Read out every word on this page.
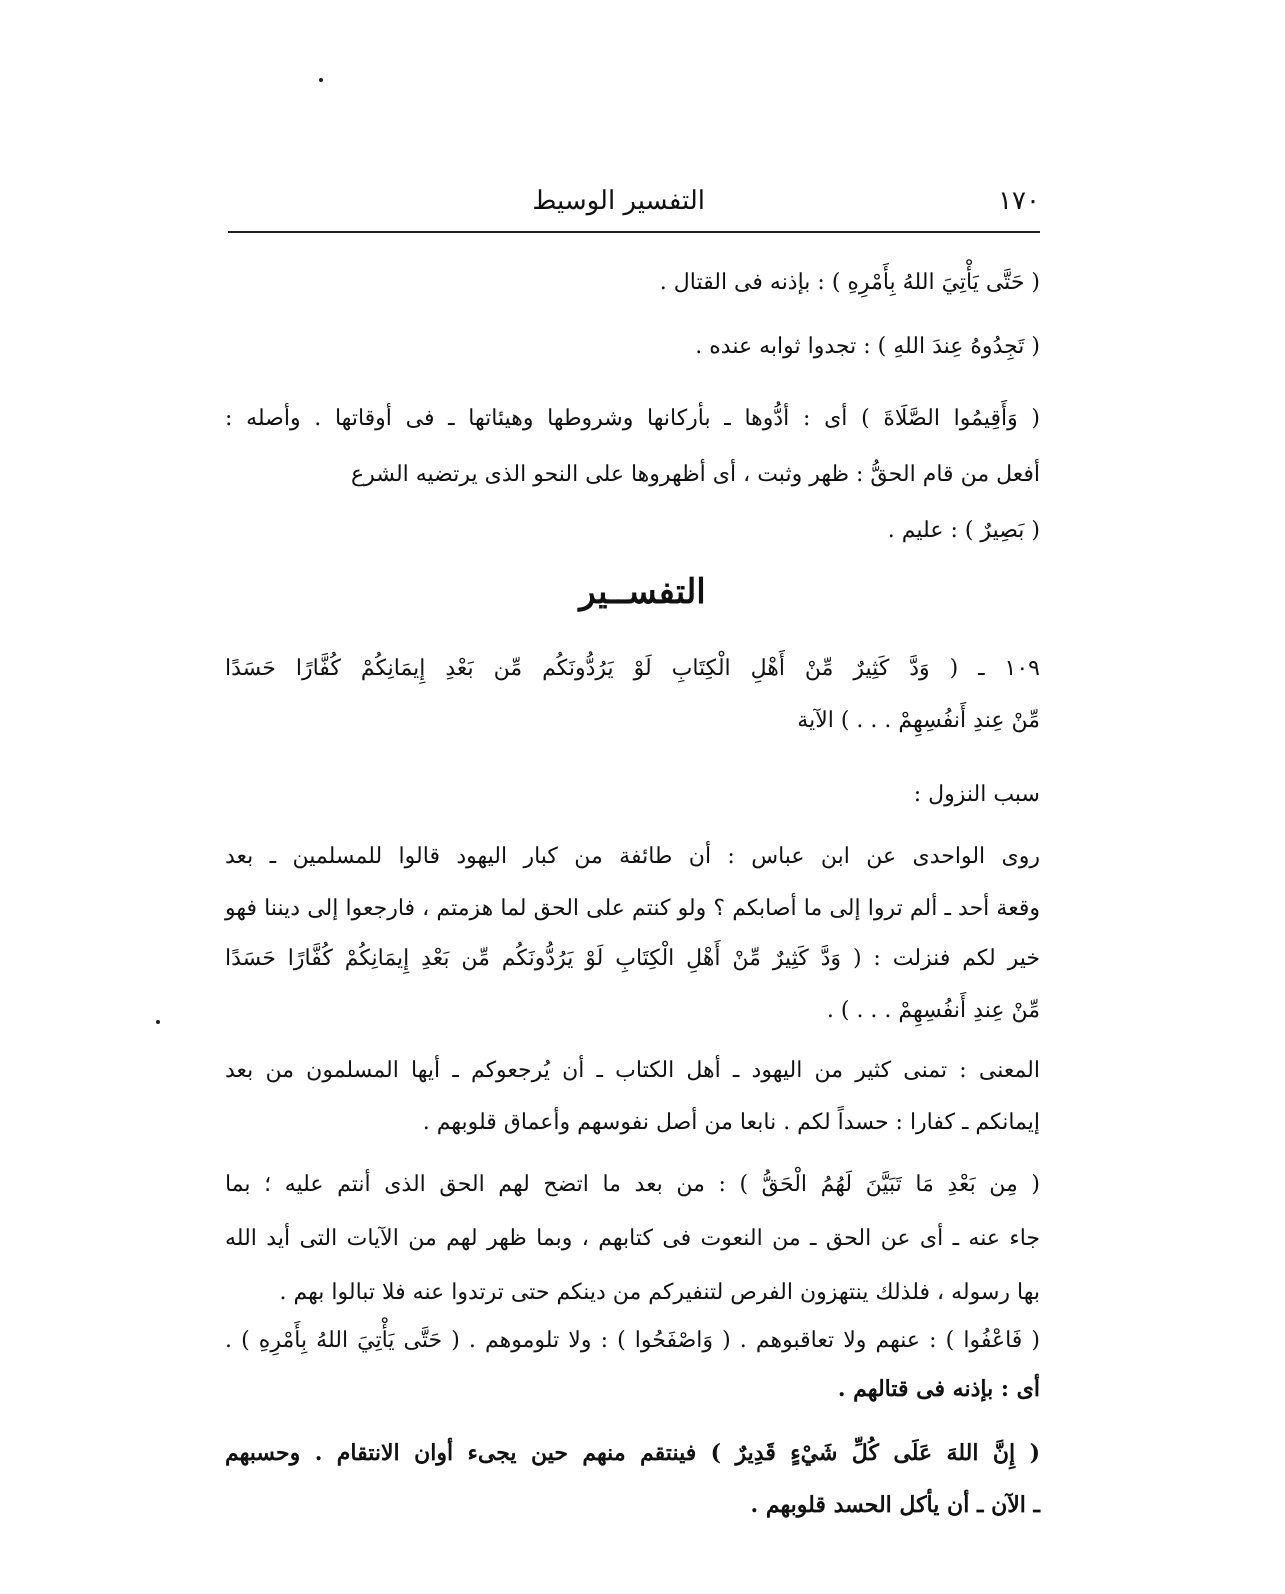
١٧٠
التفسير الوسيط
( حَتَّى يَأْتِيَ اللهُ بِأَمْرِهِ ) : بإذنه فى القتال .
( تَجِدُوهُ عِندَ اللهِ ) : تجدوا ثوابه عنده .
( وَأَقِيمُوا الصَّلَاةَ ) أى : أدُّوها ـ بأركانها وشروطها وهيئاتها ـ فى أوقاتها . وأصله :
أفعل من قام الحقُّ : ظهر وثبت ، أى أظهروها على النحو الذى يرتضيه الشرع
( بَصِيرٌ ) : عليم .
التفســير
١٠٩ ـ ( وَدَّ كَثِيرٌ مِّنْ أَهْلِ الْكِتَابِ لَوْ يَرُدُّونَكُم مِّن بَعْدِ إِيمَانِكُمْ كُفَّارًا حَسَدًا
مِّنْ عِندِ أَنفُسِهِمْ . . . ) الآية
سبب النزول :
روى الواحدى عن ابن عباس : أن طائفة من كبار اليهود قالوا للمسلمين ـ بعد
وقعة أحد ـ ألم تروا إلى ما أصابكم ؟ ولو كنتم على الحق لما هزمتم ، فارجعوا إلى ديننا فهو
خير لكم فنزلت : ( وَدَّ كَثِيرٌ مِّنْ أَهْلِ الْكِتَابِ لَوْ يَرُدُّونَكُم مِّن بَعْدِ إِيمَانِكُمْ كُفَّارًا حَسَدًا
مِّنْ عِندِ أَنفُسِهِمْ . . . ) .
المعنى : تمنى كثير من اليهود ـ أهل الكتاب ـ أن يُرجعوكم ـ أيها المسلمون من بعد
إيمانكم ـ كفارا : حسداً لكم . نابعا من أصل نفوسهم وأعماق قلوبهم .
( مِن بَعْدِ مَا تَبَيَّنَ لَهُمُ الْحَقُّ ) : من بعد ما اتضح لهم الحق الذى أنتم عليه ؛ بما
جاء عنه ـ أى عن الحق ـ من النعوت فى كتابهم ، وبما ظهر لهم من الآيات التى أيد الله
بها رسوله ، فلذلك ينتهزون الفرص لتنفيركم من دينكم حتى ترتدوا عنه فلا تبالوا بهم .
( فَاعْفُوا ) : عنهم ولا تعاقبوهم . ( وَاصْفَحُوا ) : ولا تلوموهم . ( حَتَّى يَأْتِيَ اللهُ بِأَمْرِهِ ) .
أى : بإذنه فى قتالهم .
( إِنَّ اللهَ عَلَى كُلِّ شَيْءٍ قَدِيرٌ ) فينتقم منهم حين يجىء أوان الانتقام . وحسبهم
ـ الآن ـ أن يأكل الحسد قلوبهم .
